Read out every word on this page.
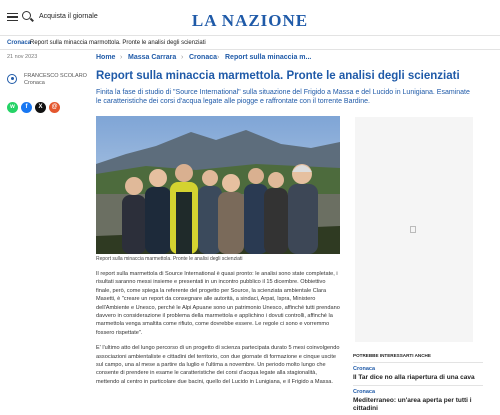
Acquista il giornale	LA NAZIONE
Cronaca
Report sulla minaccia marmottola. Pronte le analisi degli scienziati
21 nov 2023
FRANCESCO SCOLARO
Cronaca
w	f	X	@
Home › Massa Carrara › Cronaca › Report sulla minaccia m...
Report sulla minaccia marmettola. Pronte le analisi degli scienziati

Finita la fase di studio di "Source International" sulla situazione del Frigido a Massa e del Lucido in Lunigiana. Esaminate le caratteristiche dei corsi d'acqua legate alle piogge e raffrontate con il torrente Bardine.

Report sulla minaccia marmettola. Pronte le analisi degli scienziati

Il report sulla marmettola di Source International è quasi pronto: le analisi sono state completate, i risultati saranno messi insieme e presentati in un incontro pubblico il 15 dicembre. Obbiettivo finale, però, come spiega la referente del progetto per Source, la scienziata ambientale Clara Masetti, è "creare un report da consegnare alle autorità, a sindaci, Arpat, Ispra, Ministero dell'Ambiente e Unesco, perché le Alpi Apuane sono un patrimonio Unesco, affinché tutti prendano davvero in considerazione il problema della marmettola e applichino i dovuti controlli, affinché la marmettola venga smaltita come rifiuto, come dovrebbe essere. Le regole ci sono e vorremmo fossero rispettate".

E' l'ultimo atto del lungo percorso di un progetto di scienza partecipata durato 5 mesi coinvolgendo associazioni ambientaliste e cittadini del territorio, con due giornate di formazione e cinque uscite sul campo, una al mese a partire da luglio e l'ultima a novembre. Un periodo molto lungo che consente di prendere in esame le caratteristiche dei corsi d'acqua legate alla stagionalità, mettendo al centro in particolare due bacini, quello del Lucido in Lunigiana, e il Frigido a Massa.

POTREBBE INTERESSARTI ANCHE
Cronaca
Il Tar dice no alla riapertura di una cava
Cronaca
Mediterraneo: un'area aperta per tutti i cittadini
